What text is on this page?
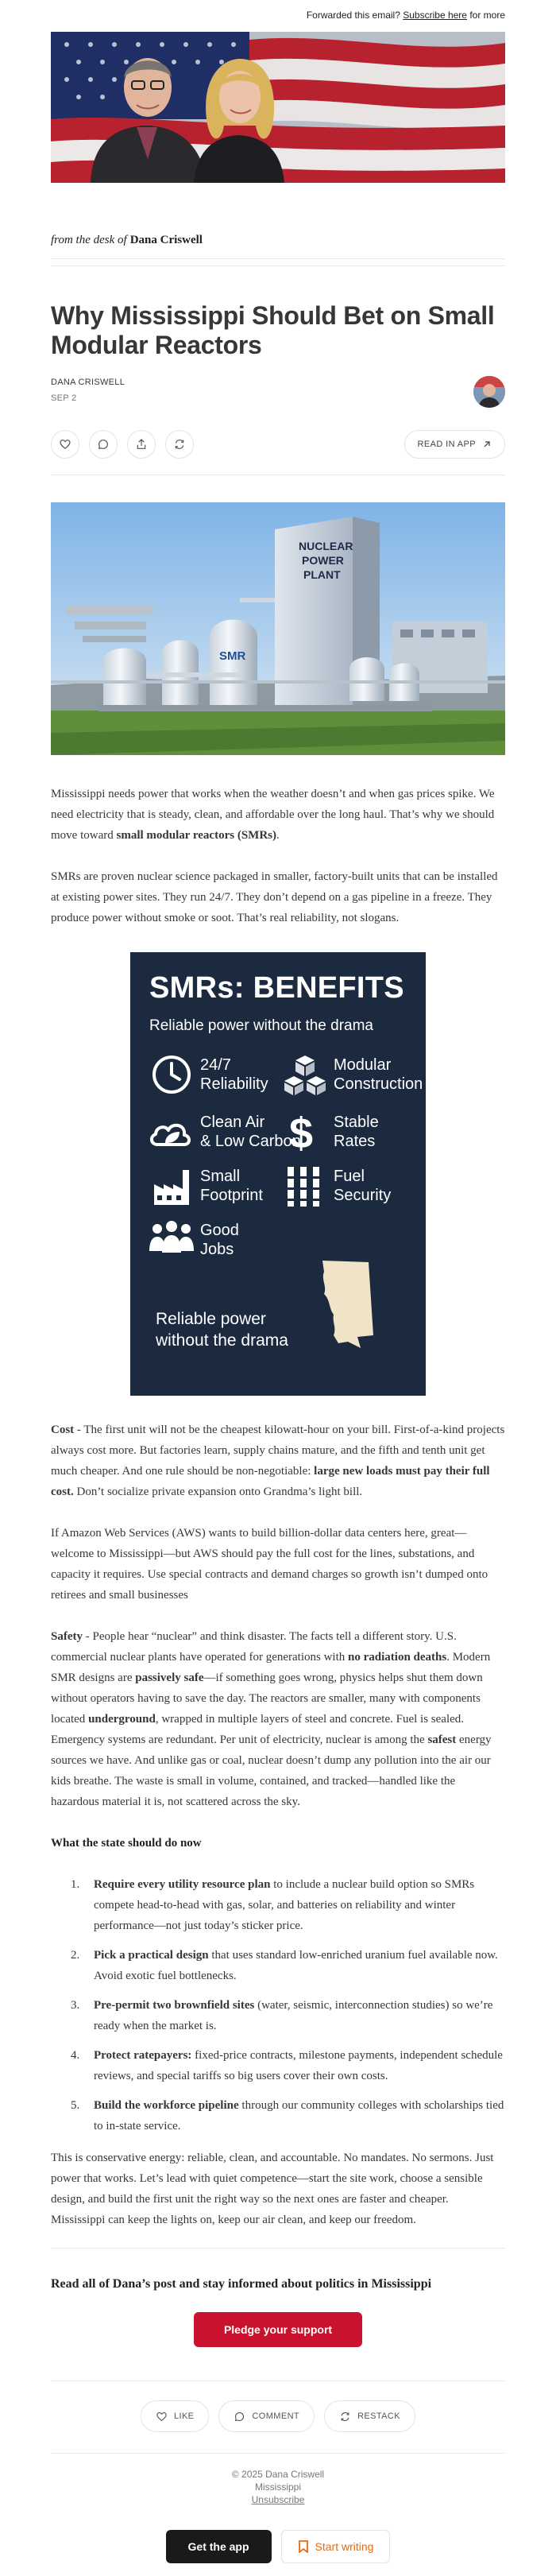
Forwarded this email? Subscribe here for more
from the desk of Dana Criswell
Why Mississippi Should Bet on Small Modular Reactors
DANA CRISWELL
SEP 2
READ IN APP
NUCLEAR
POWER
PLANT
SMR

Mississippi needs power that works when the weather doesn’t and when gas prices spike. We need electricity that is steady, clean, and affordable over the long haul. That’s why we should move toward small modular reactors (SMRs).

SMRs are proven nuclear science packaged in smaller, factory-built units that can be installed at existing power sites. They run 24/7. They don’t depend on a gas pipeline in a freeze. They produce power without smoke or soot. That’s real reliability, not slogans.

SMRs: BENEFITS
Reliable power without the drama
24/7
Reliability
Modular
Construction
Clean Air
& Low Carbon
$ Stable
Rates
Small
Footprint
Fuel
Security
Good
Jobs
Reliable power
without the drama

Cost - The first unit will not be the cheapest kilowatt-hour on your bill. First-of-a-kind projects always cost more. But factories learn, supply chains mature, and the fifth and tenth unit get much cheaper. And one rule should be non-negotiable: large new loads must pay their full cost. Don’t socialize private expansion onto Grandma’s light bill.

If Amazon Web Services (AWS) wants to build billion-dollar data centers here, great—welcome to Mississippi—but AWS should pay the full cost for the lines, substations, and capacity it requires. Use special contracts and demand charges so growth isn’t dumped onto retirees and small businesses

Safety - People hear “nuclear” and think disaster. The facts tell a different story. U.S. commercial nuclear plants have operated for generations with no radiation deaths. Modern SMR designs are passively safe—if something goes wrong, physics helps shut them down without operators having to save the day. The reactors are smaller, many with components located underground, wrapped in multiple layers of steel and concrete. Fuel is sealed. Emergency systems are redundant. Per unit of electricity, nuclear is among the safest energy sources we have. And unlike gas or coal, nuclear doesn’t dump any pollution into the air our kids breathe. The waste is small in volume, contained, and tracked—handled like the hazardous material it is, not scattered across the sky.

What the state should do now
1. Require every utility resource plan to include a nuclear build option so SMRs compete head-to-head with gas, solar, and batteries on reliability and winter performance—not just today’s sticker price.
2. Pick a practical design that uses standard low-enriched uranium fuel available now. Avoid exotic fuel bottlenecks.
3. Pre-permit two brownfield sites (water, seismic, interconnection studies) so we’re ready when the market is.
4. Protect ratepayers: fixed-price contracts, milestone payments, independent schedule reviews, and special tariffs so big users cover their own costs.
5. Build the workforce pipeline through our community colleges with scholarships tied to in-state service.

This is conservative energy: reliable, clean, and accountable. No mandates. No sermons. Just power that works. Let’s lead with quiet competence—start the site work, choose a sensible design, and build the first unit the right way so the next ones are faster and cheaper. Mississippi can keep the lights on, keep our air clean, and keep our freedom.

Read all of Dana’s post and stay informed about politics in Mississippi
Pledge your support
LIKE	COMMENT	RESTACK
© 2025 Dana Criswell
Mississippi
Unsubscribe
Get the app	Start writing
